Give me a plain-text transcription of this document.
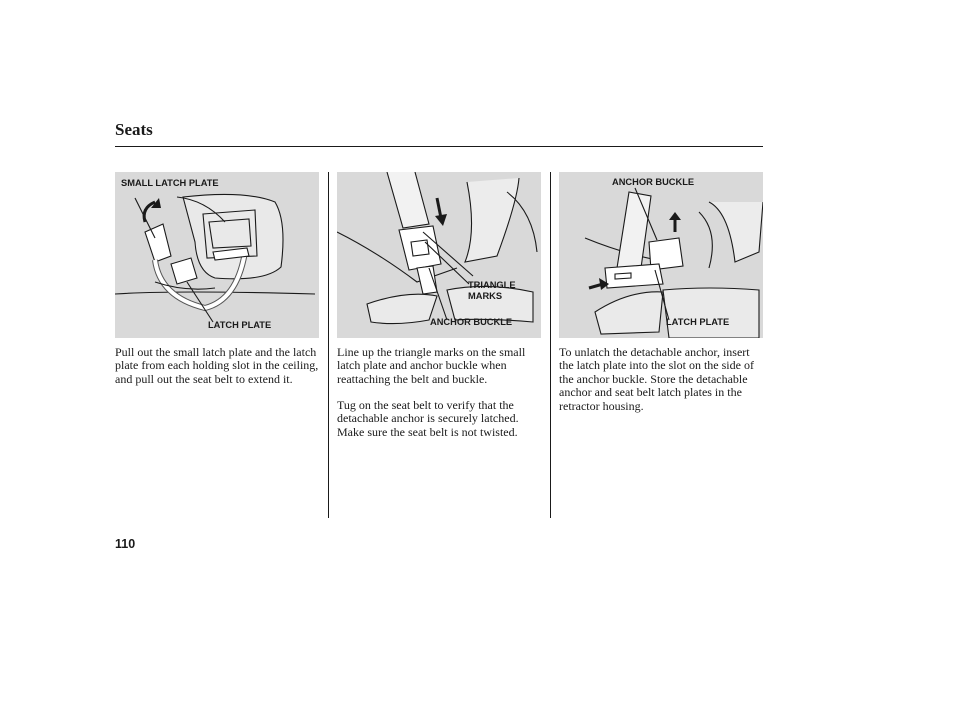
Seats
SMALL LATCH PLATE
LATCH PLATE
TRIANGLE
MARKS
ANCHOR BUCKLE
ANCHOR BUCKLE
LATCH PLATE

Pull out the small latch plate and the latch plate from each holding slot in the ceiling, and pull out the seat belt to extend it.

Line up the triangle marks on the small latch plate and anchor buckle when reattaching the belt and buckle.

Tug on the seat belt to verify that the detachable anchor is securely latched. Make sure the seat belt is not twisted.

To unlatch the detachable anchor, insert the latch plate into the slot on the side of the anchor buckle. Store the detachable anchor and seat belt latch plates in the retractor housing.

110
